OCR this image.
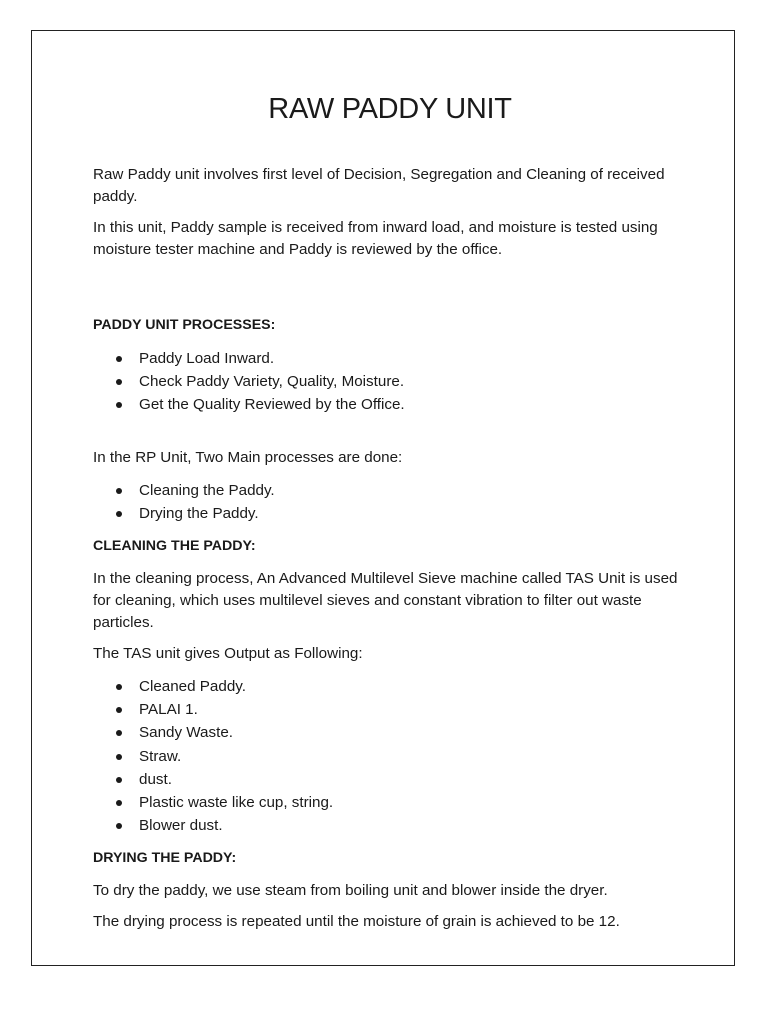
RAW PADDY UNIT

Raw Paddy unit involves first level of Decision, Segregation and Cleaning of received paddy.

In this unit, Paddy sample is received from inward load, and moisture is tested using moisture tester machine and Paddy is reviewed by the office.

PADDY UNIT PROCESSES:
Paddy Load Inward.
Check Paddy Variety, Quality, Moisture.
Get the Quality Reviewed by the Office.

In the RP Unit, Two Main processes are done:

Cleaning the Paddy.
Drying the Paddy.
CLEANING THE PADDY:

In the cleaning process, An Advanced Multilevel Sieve machine called TAS Unit is used for cleaning, which uses multilevel sieves and constant vibration to filter out waste particles.

The TAS unit gives Output as Following:

Cleaned Paddy.
PALAI 1.
Sandy Waste.
Straw.
dust.
Plastic waste like cup, string.
Blower dust.
DRYING THE PADDY:

To dry the paddy, we use steam from boiling unit and blower inside the dryer.

The drying process is repeated until the moisture of grain is achieved to be 12.
